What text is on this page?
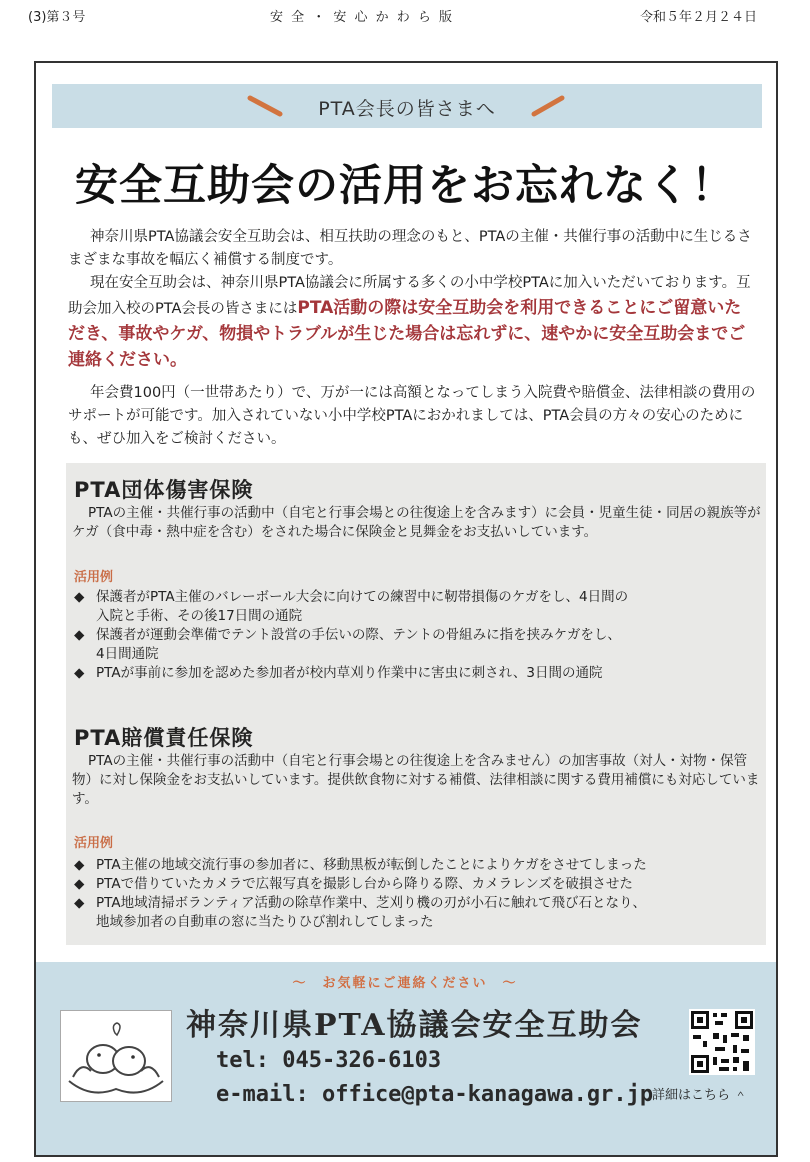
(3)第３号	安 全 ・ 安 心 か わ ら 版	令和５年２月２４日
PTA会長の皆さまへ
安全互助会の活用をお忘れなく！
神奈川県PTA協議会安全互助会は、相互扶助の理念のもと、PTAの主催・共催行事の活動中に生じるさまざまな事故を幅広く補償する制度です。
現在安全互助会は、神奈川県PTA協議会に所属する多くの小中学校PTAに加入いただいております。互助会加入校のPTA会長の皆さまにはPTA活動の際は安全互助会を利用できることにご留意いただき、事故やケガ、物損やトラブルが生じた場合は忘れずに、速やかに安全互助会までご連絡ください。
年会費100円（一世帯あたり）で、万が一には高額となってしまう入院費や賠償金、法律相談の費用のサポートが可能です。加入されていない小中学校PTAにおかれましては、PTA会員の方々の安心のためにも、ぜひ加入をご検討ください。
PTA団体傷害保険
PTAの主催・共催行事の活動中（自宅と行事会場との往復途上を含みます）に会員・児童生徒・同居の親族等がケガ（食中毒・熱中症を含む）をされた場合に保険金と見舞金をお支払いしています。
活用例
◆ 保護者がPTA主催のバレーボール大会に向けての練習中に靭帯損傷のケガをし、4日間の
入院と手術、その後17日間の通院
◆ 保護者が運動会準備でテント設営の手伝いの際、テントの骨組みに指を挟みケガをし、
4日間通院
◆ PTAが事前に参加を認めた参加者が校内草刈り作業中に害虫に刺され、3日間の通院
PTA賠償責任保険
PTAの主催・共催行事の活動中（自宅と行事会場との往復途上を含みません）の加害事故（対人・対物・保管物）に対し保険金をお支払いしています。提供飲食物に対する補償、法律相談に関する費用補償にも対応しています。
活用例
◆ PTA主催の地域交流行事の参加者に、移動黒板が転倒したことによりケガをさせてしまった
◆ PTAで借りていたカメラで広報写真を撮影し台から降りる際、カメラレンズを破損させた
◆ PTA地域清掃ボランティア活動の除草作業中、芝刈り機の刃が小石に触れて飛び石となり、
地域参加者の自動車の窓に当たりひび割れしてしまった
～　お気軽にご連絡ください　～
神奈川県PTA協議会安全互助会
tel: 045-326-6103
e-mail: office@pta-kanagawa.gr.jp
詳細はこちら ＾
